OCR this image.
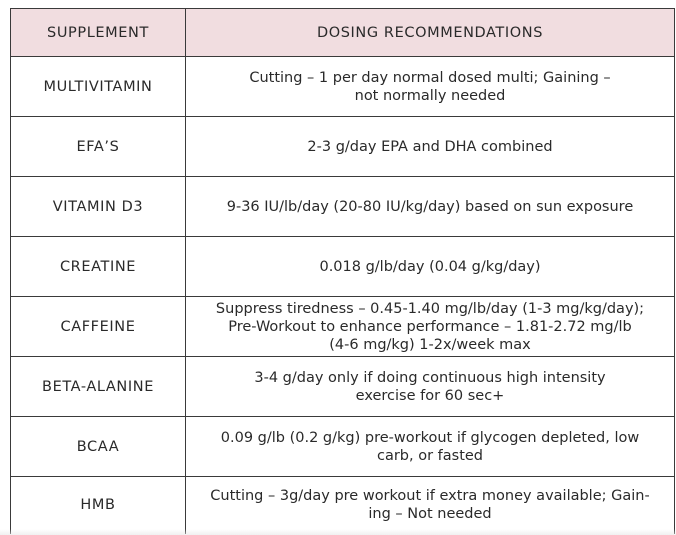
SUPPLEMENT	DOSING RECOMMENDATIONS
MULTIVITAMIN	Cutting – 1 per day normal dosed multi; Gaining –
not normally needed

EFA’S	2-3 g/day EPA and DHA combined

VITAMIN D3	9-36 IU/lb/day (20-80 IU/kg/day) based on sun exposure

CREATINE	0.018 g/lb/day (0.04 g/kg/day)

CAFFEINE	Suppress tiredness – 0.45-1.40 mg/lb/day (1-3 mg/kg/day);
Pre-Workout to enhance performance – 1.81-2.72 mg/lb
(4-6 mg/kg) 1-2x/week max

BETA-ALANINE	3-4 g/day only if doing continuous high intensity
exercise for 60 sec+

BCAA	0.09 g/lb (0.2 g/kg) pre-workout if glycogen depleted, low
carb, or fasted

HMB	Cutting – 3g/day pre workout if extra money available; Gain-
ing – Not needed
